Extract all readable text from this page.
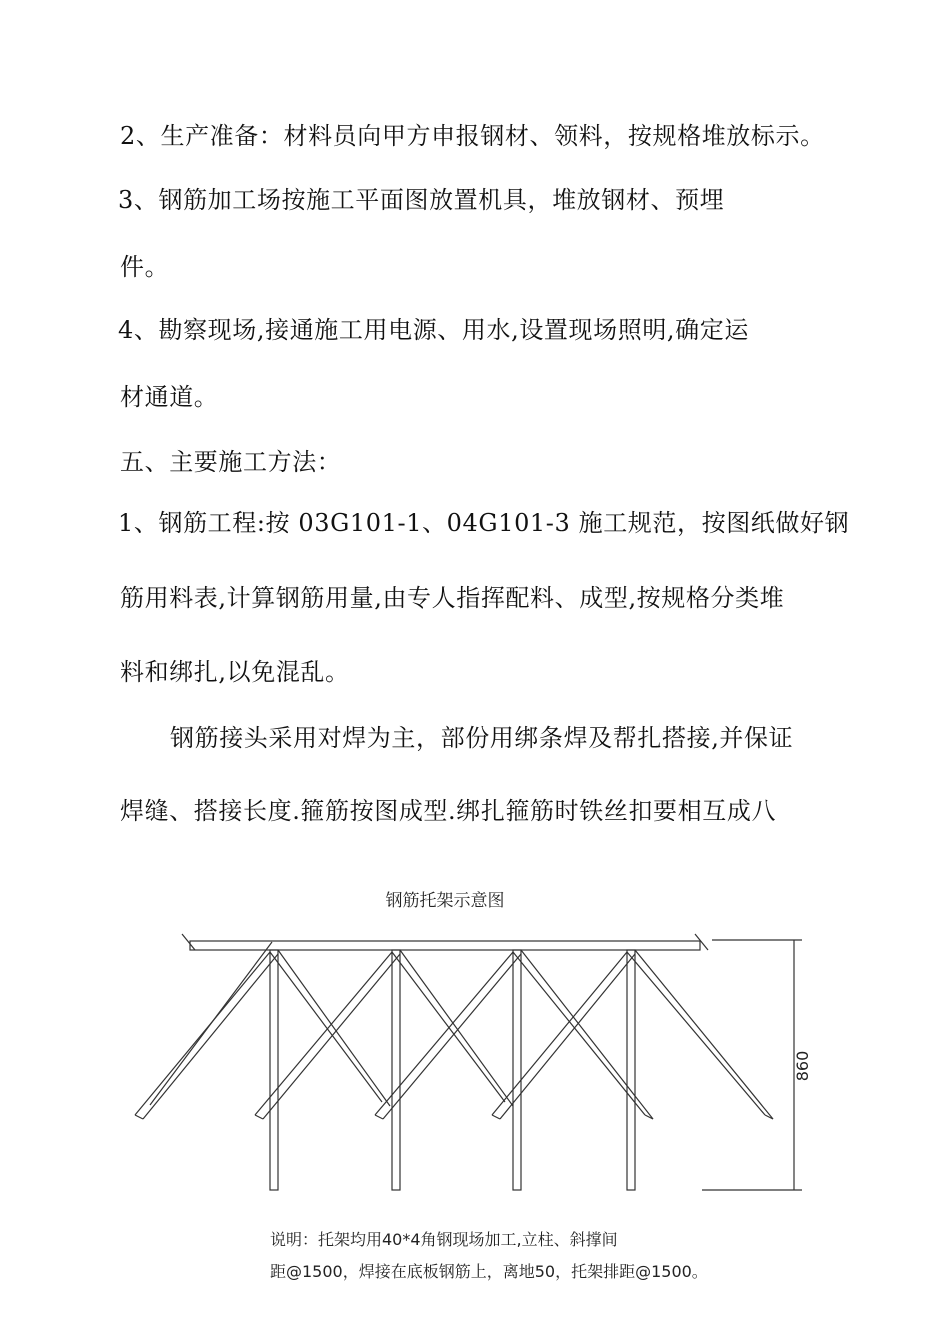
2、生产准备：材料员向甲方申报钢材、领料，按规格堆放标示。
3、钢筋加工场按施工平面图放置机具，堆放钢材、预埋
件。
4、勘察现场,接通施工用电源、用水,设置现场照明,确定运
材通道。
五、主要施工方法：
1、钢筋工程:按 03G101-1、04G101-3 施工规范，按图纸做好钢
筋用料表,计算钢筋用量,由专人指挥配料、成型,按规格分类堆
料和绑扎,以免混乱。
钢筋接头采用对焊为主，部份用绑条焊及帮扎搭接,并保证
焊缝、搭接长度.箍筋按图成型.绑扎箍筋时铁丝扣要相互成八
钢筋托架示意图
860
说明：托架均用40*4角钢现场加工,立柱、斜撑间
距@1500，焊接在底板钢筋上，离地50，托架排距@1500。
